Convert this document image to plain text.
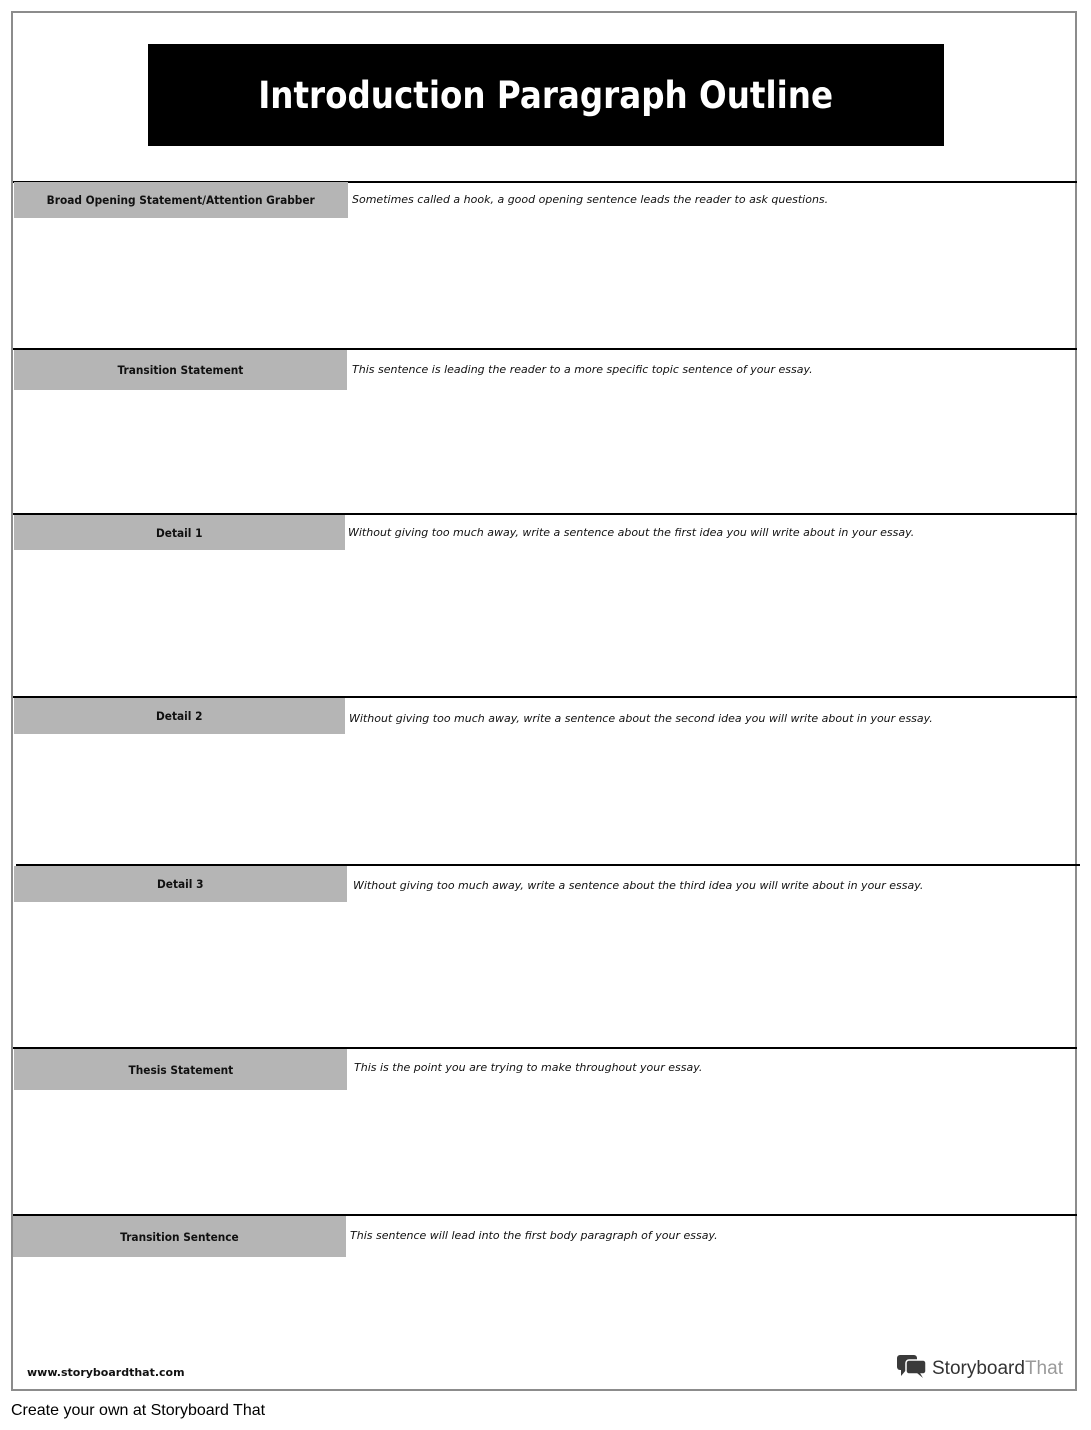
Introduction Paragraph Outline
Broad Opening Statement/Attention Grabber	Sometimes called a hook, a good opening sentence leads the reader to ask questions.
Transition Statement	This sentence is leading the reader to a more specific topic sentence of your essay.
Detail 1	Without giving too much away, write a sentence about the first idea you will write about in your essay.
Detail 2	Without giving too much away, write a sentence about the second idea you will write about in your essay.
Detail 3	Without giving too much away, write a sentence about the third idea you will write about in your essay.
Thesis Statement	This is the point you are trying to make throughout your essay.
Transition Sentence	This sentence will lead into the first body paragraph of your essay.
www.storyboardthat.com	StoryboardThat
Create your own at Storyboard That
